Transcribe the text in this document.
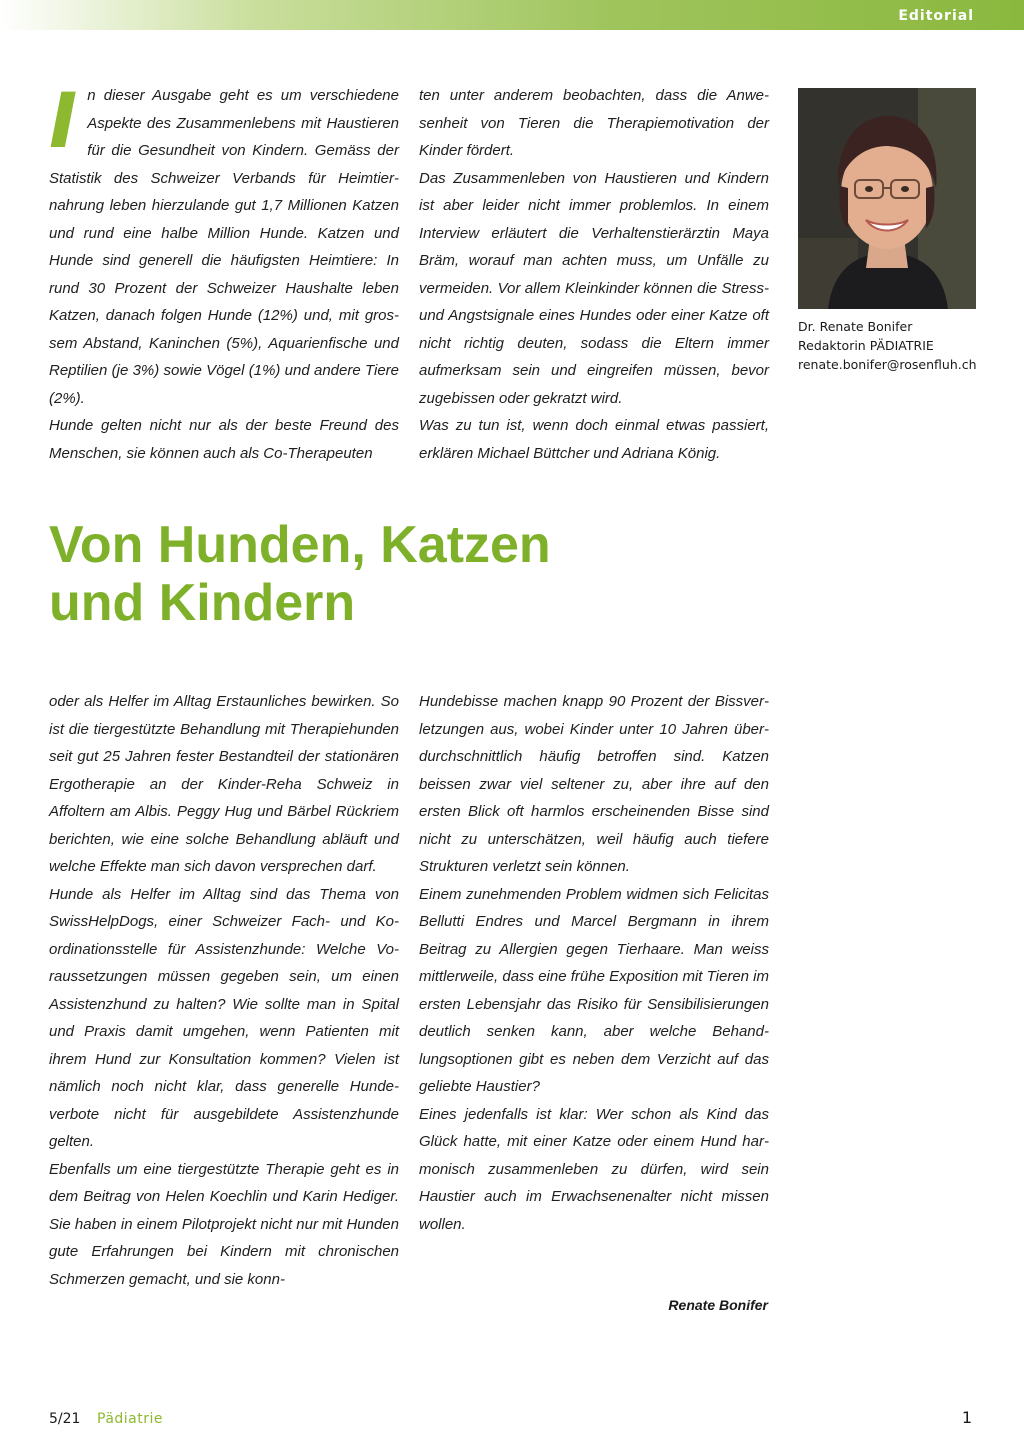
Editorial

In dieser Ausgabe geht es um verschiedene Aspekte des Zusammenlebens mit Haustieren für die Gesundheit von Kindern. Gemäss der Statistik des Schweizer Verbands für Heimtiernahrung leben hierzulande gut 1,7 Millionen Katzen und rund eine halbe Million Hunde. Katzen und Hunde sind generell die häufigsten Heimtiere: In rund 30 Prozent der Schweizer Haushalte leben Katzen, danach folgen Hunde (12%) und, mit grossem Abstand, Kaninchen (5%), Aquarienfische und Reptilien (je 3%) sowie Vögel (1%) und andere Tiere (2%).

Hunde gelten nicht nur als der beste Freund des Menschen, sie können auch als Co-Therapeuten

ten unter anderem beobachten, dass die Anwesenheit von Tieren die Therapiemotivation der Kinder fördert.

Das Zusammenleben von Haustieren und Kindern ist aber leider nicht immer problemlos. In einem Interview erläutert die Verhaltenstierärztin Maya Bräm, worauf man achten muss, um Unfälle zu vermeiden. Vor allem Kleinkinder können die Stress- und Angstsignale eines Hundes oder einer Katze oft nicht richtig deuten, sodass die Eltern immer aufmerksam sein und eingreifen müssen, bevor zugebissen oder gekratzt wird.

Was zu tun ist, wenn doch einmal etwas passiert, erklären Michael Büttcher und Adriana König.

Dr. Renate Bonifer
Redaktorin PÄDIATRIE
renate.bonifer@rosenfluh.ch
Von Hunden, Katzen
und Kindern

oder als Helfer im Alltag Erstaunliches bewirken. So ist die tiergestützte Behandlung mit Therapiehunden seit gut 25 Jahren fester Bestandteil der stationären Ergotherapie an der Kinder-Reha Schweiz in Affoltern am Albis. Peggy Hug und Bärbel Rückriem berichten, wie eine solche Behandlung abläuft und welche Effekte man sich davon versprechen darf.

Hunde als Helfer im Alltag sind das Thema von SwissHelpDogs, einer Schweizer Fach- und Koordinationsstelle für Assistenzhunde: Welche Voraussetzungen müssen gegeben sein, um einen Assistenzhund zu halten? Wie sollte man in Spital und Praxis damit umgehen, wenn Patienten mit ihrem Hund zur Konsultation kommen? Vielen ist nämlich noch nicht klar, dass generelle Hundeverbote nicht für ausgebildete Assistenzhunde gelten.

Ebenfalls um eine tiergestützte Therapie geht es in dem Beitrag von Helen Koechlin und Karin Hediger. Sie haben in einem Pilotprojekt nicht nur mit Hunden gute Erfahrungen bei Kindern mit chronischen Schmerzen gemacht, und sie konn-

Hundebisse machen knapp 90 Prozent der Bissverletzungen aus, wobei Kinder unter 10 Jahren überdurchschnittlich häufig betroffen sind. Katzen beissen zwar viel seltener zu, aber ihre auf den ersten Blick oft harmlos erscheinenden Bisse sind nicht zu unterschätzen, weil häufig auch tiefere Strukturen verletzt sein können.

Einem zunehmenden Problem widmen sich Felicitas Bellutti Endres und Marcel Bergmann in ihrem Beitrag zu Allergien gegen Tierhaare. Man weiss mittlerweile, dass eine frühe Exposition mit Tieren im ersten Lebensjahr das Risiko für Sensibilisierungen deutlich senken kann, aber welche Behandlungsoptionen gibt es neben dem Verzicht auf das geliebte Haustier?

Eines jedenfalls ist klar: Wer schon als Kind das Glück hatte, mit einer Katze oder einem Hund harmonisch zusammenleben zu dürfen, wird sein Haustier auch im Erwachsenenalter nicht missen wollen.

Renate Bonifer
5/21 Pädiatrie	1
